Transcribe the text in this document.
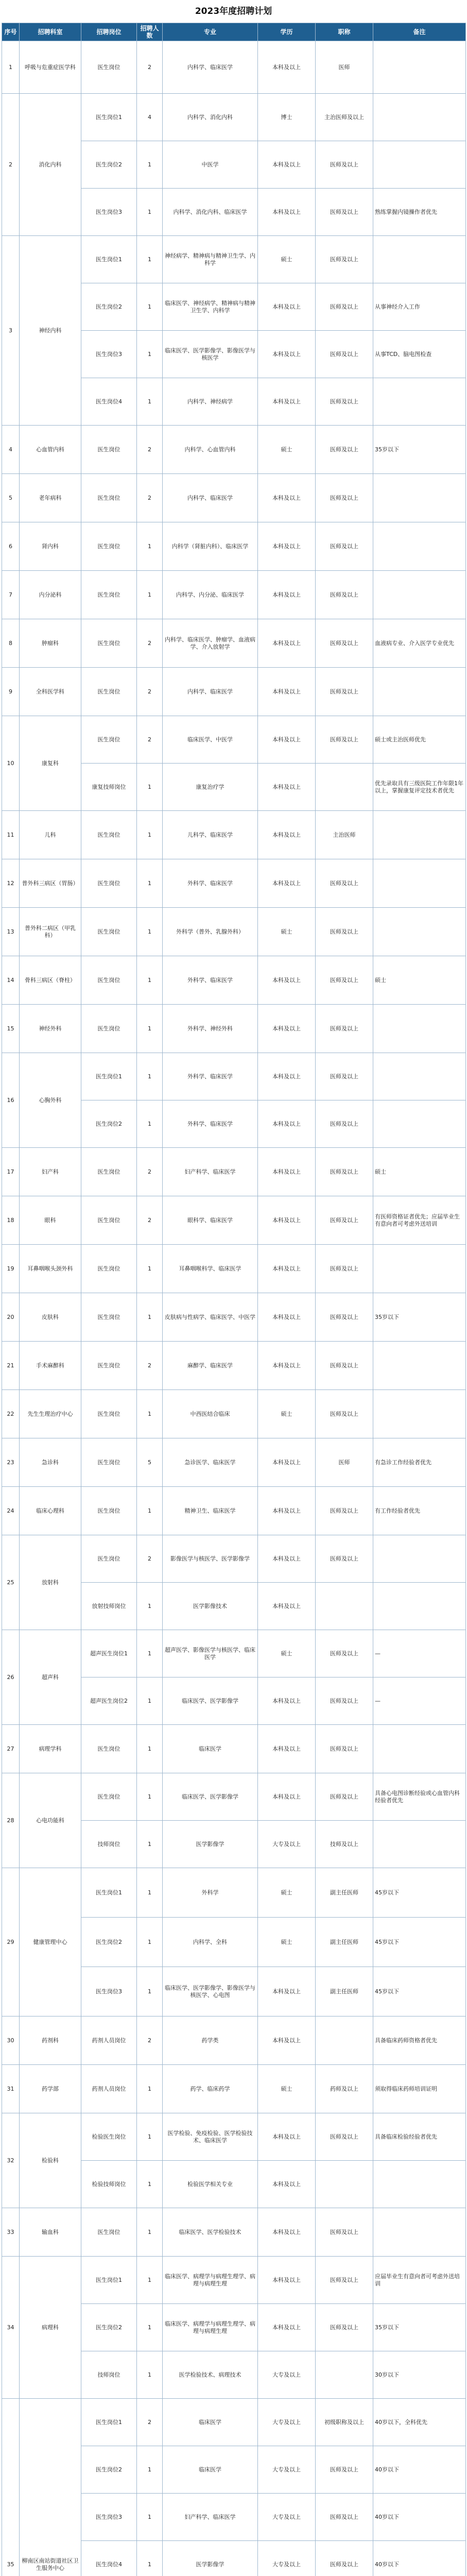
2023年度招聘计划
序号	招聘科室	招聘岗位	招聘人数	专业	学历	职称	备注
1	呼吸与危重症医学科	医生岗位	2	内科学、临床医学	本科及以上	医师	
2	消化内科	医生岗位1	4	内科学、消化内科	博士	主治医师及以上	
		医生岗位2	1	中医学	本科及以上	医师及以上	
		医生岗位3	1	内科学、消化内科、临床医学	本科及以上	医师及以上	熟练掌握内镜操作者优先
3	神经内科	医生岗位1	1	神经病学、精神病与精神卫生学、内科学	硕士	医师及以上	
		医生岗位2	1	临床医学、神经病学、精神病与精神卫生学、内科学	本科及以上	医师及以上	从事神经介入工作
		医生岗位3	1	临床医学、医学影像学、影像医学与核医学	本科及以上	医师及以上	从事TCD、脑电图检查
		医生岗位4	1	内科学、神经病学	本科及以上	医师及以上	
4	心血管内科	医生岗位	2	内科学、心血管内科	硕士	医师及以上	35岁以下
5	老年病科	医生岗位	2	内科学、临床医学	本科及以上	医师及以上	
6	肾内科	医生岗位	1	内科学（肾脏内科）、临床医学	本科及以上	医师及以上	
7	内分泌科	医生岗位	1	内科学、内分泌、临床医学	本科及以上	医师及以上	
8	肿瘤科	医生岗位	2	内科学、临床医学、肿瘤学、血液病学、介入放射学	本科及以上	医师及以上	血液病专业、介入医学专业优先
9	全科医学科	医生岗位	2	内科学、临床医学	本科及以上	医师及以上	
10	康复科	医生岗位	2	临床医学、中医学	本科及以上	医师及以上	硕士或主治医师优先
		康复技师岗位	1	康复治疗学	本科及以上		优先录取具有三级医院工作年限1年以上，掌握康复评定技术者优先
11	儿科	医生岗位	1	儿科学、临床医学	本科及以上	主治医师	
12	普外科三病区（胃肠）	医生岗位	1	外科学、临床医学	本科及以上	医师及以上	
13	普外科二病区（甲乳科）	医生岗位	1	外科学（普外、乳腺外科）	硕士	医师及以上	
14	骨科三病区（脊柱）	医生岗位	1	外科学、临床医学	本科及以上	医师及以上	硕士
15	神经外科	医生岗位	1	外科学、神经外科	本科及以上	医师及以上	
16	心胸外科	医生岗位1	1	外科学、临床医学	本科及以上	医师及以上	
		医生岗位2	1	外科学、临床医学	本科及以上	医师及以上	
17	妇产科	医生岗位	2	妇产科学、临床医学	本科及以上	医师及以上	硕士
18	眼科	医生岗位	2	眼科学、临床医学	本科及以上	医师及以上	有医师资格证者优先；应届毕业生有意向者可考虑外送培训
19	耳鼻咽喉头颈外科	医生岗位	1	耳鼻咽喉科学、临床医学	本科及以上	医师及以上	
20	皮肤科	医生岗位	1	皮肤病与性病学、临床医学、中医学	本科及以上	医师及以上	35岁以下
21	手术麻醉科	医生岗位	2	麻醉学、临床医学	本科及以上	医师及以上	
22	先生生理治疗中心	医生岗位	1	中西医结合临床	硕士	医师及以上	
23	急诊科	医生岗位	5	急诊医学、临床医学	本科及以上	医师	有急诊工作经验者优先
24	临床心理科	医生岗位	1	精神卫生、临床医学	本科及以上	医师及以上	有工作经验者优先
25	放射科	医生岗位	2	影像医学与核医学、医学影像学	本科及以上	医师及以上	
		放射技师岗位	1	医学影像技术	本科及以上		
26	超声科	超声医生岗位1	1	超声医学、影像医学与核医学、临床医学	硕士	医师及以上	—
		超声医生岗位2	1	临床医学、医学影像学	本科及以上	医师及以上	—
27	病理学科	医生岗位	1	临床医学	本科及以上	医师及以上	
28	心电功能科	医生岗位	1	临床医学、医学影像学	本科及以上	医师及以上	具备心电图诊断经验或心血管内科经验者优先
		技师岗位	1	医学影像学	大专及以上	技师及以上	
29	健康管理中心	医生岗位1	1	外科学	硕士	副主任医师	45岁以下
		医生岗位2	1	内科学、全科	硕士	副主任医师	45岁以下
		医生岗位3	1	临床医学、医学影像学、影像医学与核医学、心电图	本科及以上	副主任医师	45岁以下
30	药剂科	药剂人员岗位	2	药学类	本科及以上		具备临床药师资格者优先
31	药学部	药剂人员岗位	1	药学、临床药学	硕士	药师及以上	须取得临床药师培训证明
32	检验科	检验医生岗位	1	医学检验、免疫检验、医学检验技术、临床医学	本科及以上	医师及以上	具备临床检验经验者优先
		检验技师岗位	1	检验医学相关专业	本科及以上		
33	输血科	医生岗位	1	临床医学、医学检验技术	本科及以上	医师及以上	
34	病理科	医生岗位1	1	临床医学、病理学与病理生理学、病理与病理生理	本科及以上	医师及以上	应届毕业生有意向者可考虑外送培训
		医生岗位2	1	临床医学、病理学与病理生理学、病理与病理生理	本科及以上	医师及以上	35岁以下
		技师岗位	1	医学检验技术、病理技术	大专及以上		30岁以下
35	柳南区南站街道社区卫生服务中心	医生岗位1	2	临床医学	大专及以上	初级职称及以上	40岁以下，全科优先
		医生岗位2	1	临床医学	大专及以上	医师及以上	40岁以下
		医生岗位3	1	妇产科学、临床医学	大专及以上	医师及以上	40岁以下
		医生岗位4	1	医学影像学	大专及以上	医师及以上	40岁以下
